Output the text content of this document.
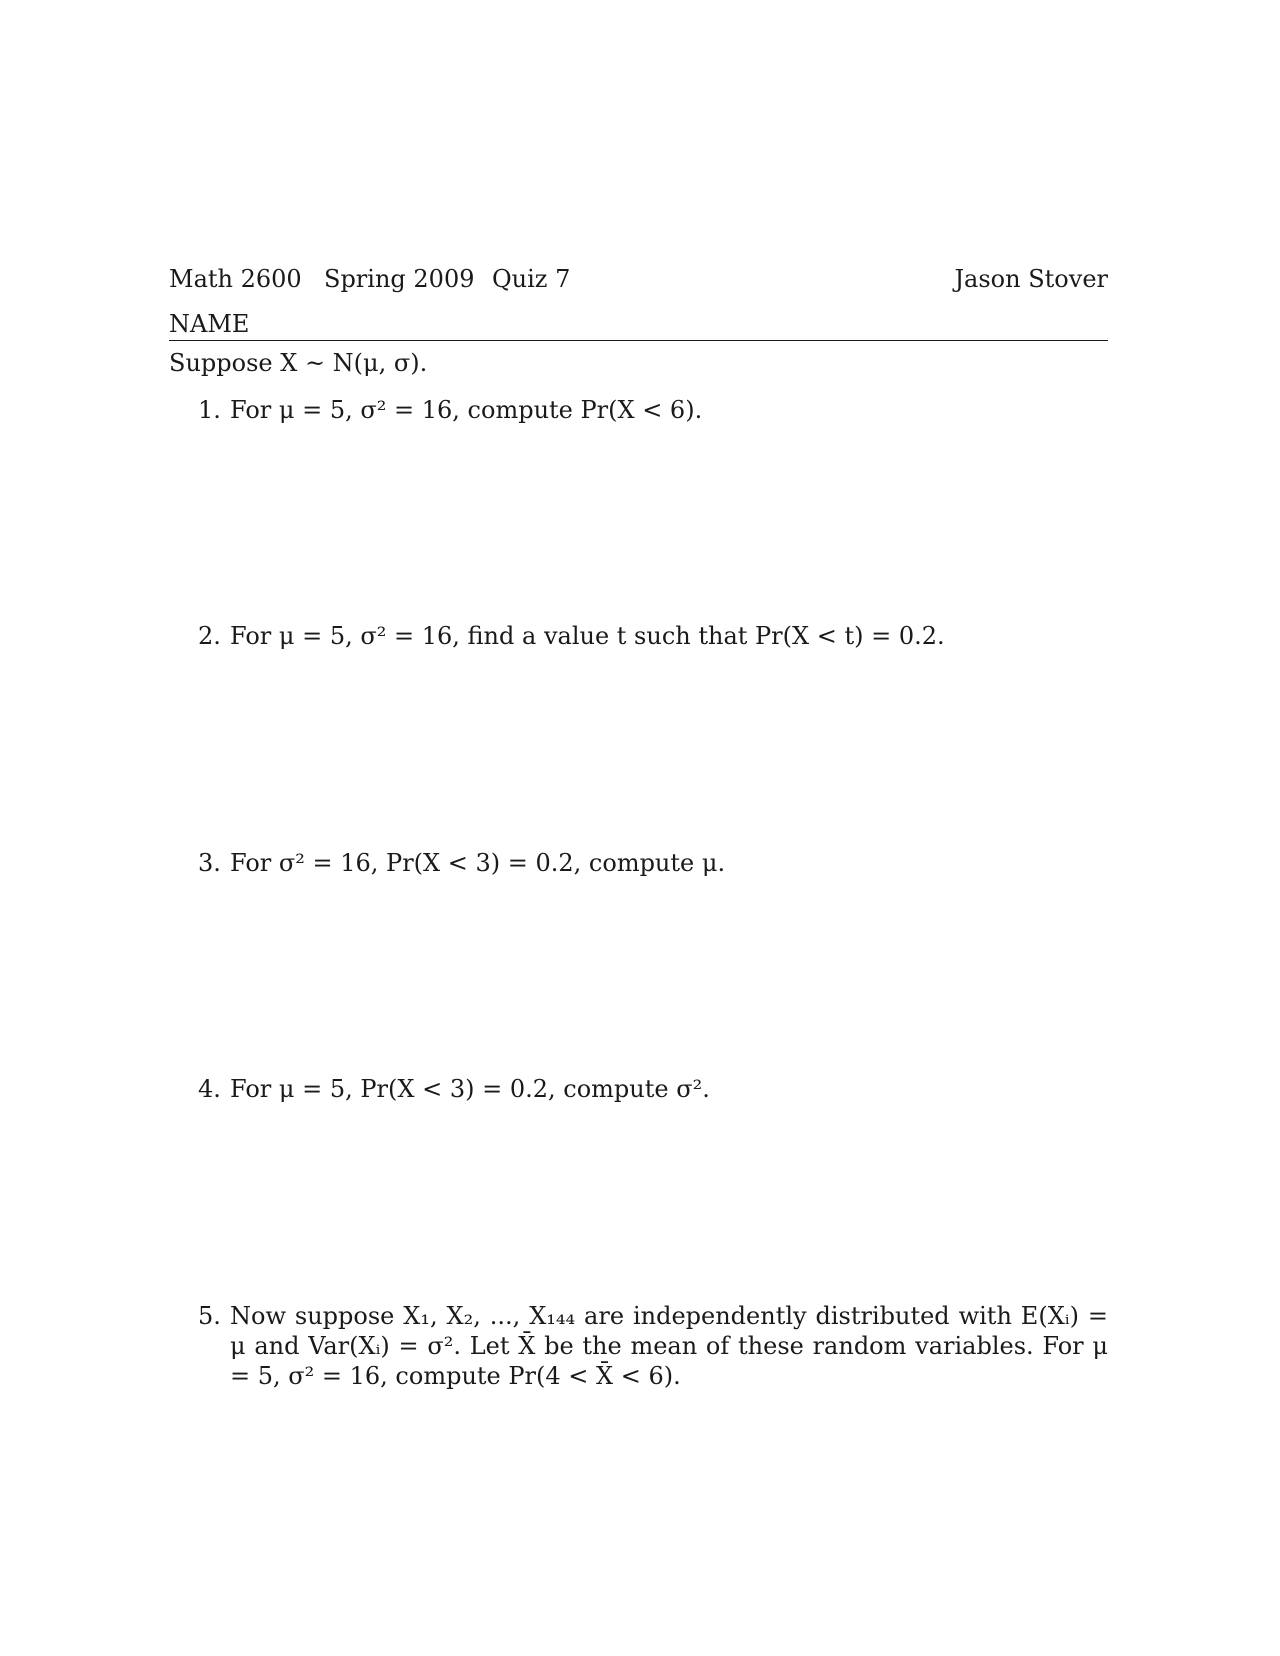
Math 2600 Spring 2009 Quiz 7	Jason Stover
NAME
Suppose X ~ N(μ, σ).
1. For μ = 5, σ² = 16, compute Pr(X < 6).
2. For μ = 5, σ² = 16, find a value t such that Pr(X < t) = 0.2.
3. For σ² = 16, Pr(X < 3) = 0.2, compute μ.
4. For μ = 5, Pr(X < 3) = 0.2, compute σ².
5. Now suppose X₁, X₂, ..., X₁₄₄ are independently distributed with E(Xᵢ) = μ and Var(Xᵢ) = σ². Let X̄ be the mean of these random variables. For μ = 5, σ² = 16, compute Pr(4 < X̄ < 6).
